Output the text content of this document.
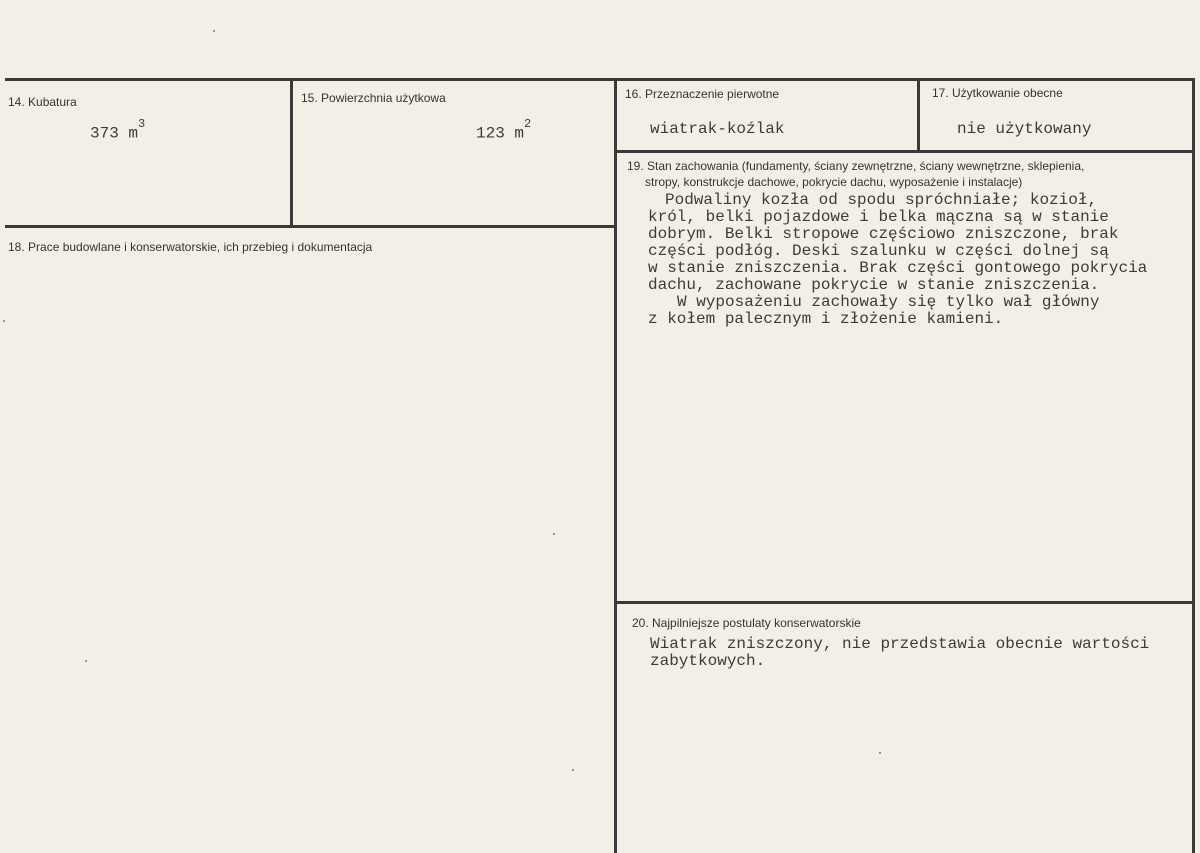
14. Kubatura
373 $m^3$
15. Powierzchnia użytkowa
123 $m^2$
16. Przeznaczenie pierwotne
wiatrak-koźlak
17. Użytkowanie obecne
nie użytkowany
18. Prace budowlane i konserwatorskie, ich przebieg i dokumentacja
19. Stan zachowania (fundamenty, ściany zewnętrzne, ściany wewnętrzne, sklepienia,
stropy, konstrukcje dachowe, pokrycie dachu, wyposażenie i instalacje)
Podwaliny kozła od spodu spróchniałe; kozioł,
król, belki pojazdowe i belka mączna są w stanie
dobrym. Belki stropowe częściowo zniszczone, brak
części podłóg. Deski szalunku w części dolnej są
w stanie zniszczenia. Brak części gontowego pokrycia
dachu, zachowane pokrycie w stanie zniszczenia.
W wyposażeniu zachowały się tylko wał główny
z kołem palecznym i złożenie kamieni.
20. Najpilniejsze postulaty konserwatorskie
Wiatrak zniszczony, nie przedstawia obecnie wartości
zabytkowych.
